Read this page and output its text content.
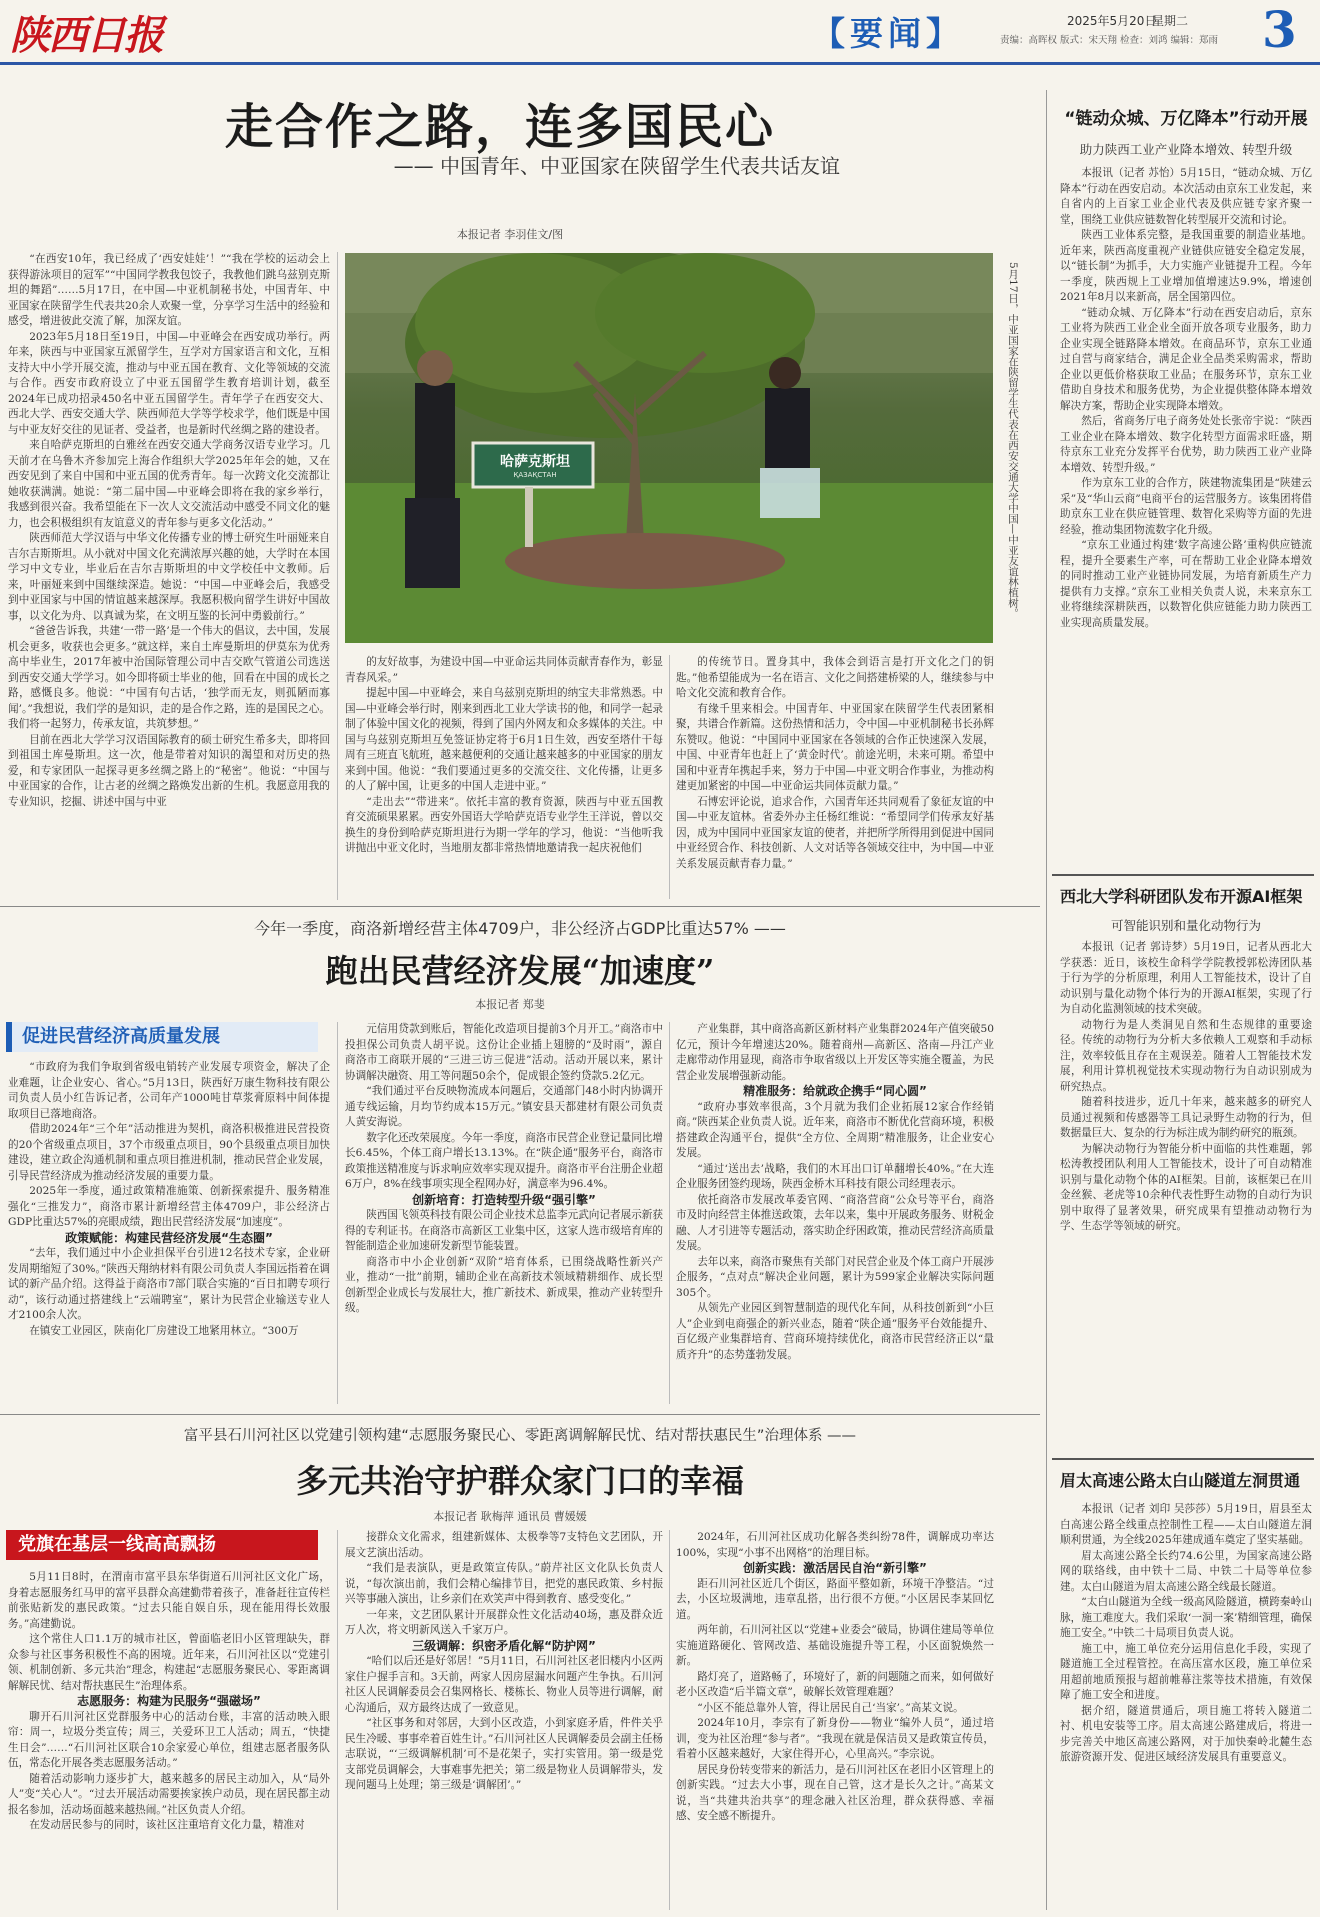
陕西日报	【要闻】	2025年5月20日
星期二
责编：高晖权 版式：宋天翔 检查：刘鸿 编辑：郑雨 3
走合作之路，连多国民心
—— 中国青年、中亚国家在陕留学生代表共话友谊
本报记者 李羽佳文/图

“在西安10年，我已经成了‘西安娃娃’！”“我在学校的运动会上获得游泳项目的冠军”“中国同学教我包饺子，我教他们跳乌兹别克斯坦的舞蹈”……5月17日，在中国—中亚机制秘书处，中国青年、中亚国家在陕留学生代表共20余人欢聚一堂，分享学习生活中的经验和感受，增进彼此交流了解，加深友谊。

2023年5月18日至19日，中国—中亚峰会在西安成功举行。两年来，陕西与中亚国家互派留学生，互学对方国家语言和文化，互相支持大中小学开展交流，推动与中亚五国在教育、文化等领域的交流与合作。西安市政府设立了中亚五国留学生教育培训计划，截至2024年已成功招录450名中亚五国留学生。青年学子在西安交大、西北大学、西安交通大学、陕西师范大学等学校求学，他们既是中国与中亚友好交往的见证者、受益者，也是新时代丝绸之路的建设者。

来自哈萨克斯坦的白雅丝在西安交通大学商务汉语专业学习。几天前才在乌鲁木齐参加完上海合作组织大学2025年年会的她，又在西安见到了来自中国和中亚五国的优秀青年。每一次跨文化交流都让她收获满满。她说：“第二届中国—中亚峰会即将在我的家乡举行，我感到很兴奋。我希望能在下一次人文交流活动中感受不同文化的魅力，也会积极组织有友谊意义的青年参与更多文化活动。”

陕西师范大学汉语与中华文化传播专业的博士研究生叶丽娅来自吉尔吉斯斯坦。从小就对中国文化充满浓厚兴趣的她，大学时在本国学习中文专业，毕业后在吉尔吉斯斯坦的中文学校任中文教师。后来，叶丽娅来到中国继续深造。她说：“中国—中亚峰会后，我感受到中亚国家与中国的情谊越来越深厚。我愿积极向留学生讲好中国故事，以文化为舟、以真诚为桨，在文明互鉴的长河中勇毅前行。”

“爸爸告诉我，共建‘一带一路’是一个伟大的倡议，去中国，发展机会更多，收获也会更多。”就这样，来自土库曼斯坦的伊莫东为优秀高中毕业生，2017年被中治国际管理公司中吉交欧气管道公司选送到西安交通大学学习。如今即将硕士毕业的他，回看在中国的成长之路，感慨良多。他说：“中国有句古话，‘独学而无友，则孤陋而寡闻’。”我想说，我们学的是知识，走的是合作之路，连的是国民之心。我们将一起努力，传承友谊，共筑梦想。”

目前在西北大学学习汉语国际教育的硕士研究生希多夫，即将回到祖国土库曼斯坦。这一次，他是带着对知识的渴望和对历史的热爱，和专家团队一起探寻更多丝绸之路上的“秘密”。他说：“中国与中亚国家的合作，让古老的丝绸之路焕发出新的生机。我愿意用我的专业知识，挖掘、讲述中国与中亚

哈萨克斯坦
ҚАЗАҚСТАН	5月17日，中亚国家在陕留学生代表在西安交通大学中国—中亚友谊林植树。

的友好故事，为建设中国—中亚命运共同体贡献青春作为，彰显青春风采。”

提起中国—中亚峰会，来自乌兹别克斯坦的纳宝夫非常熟悉。中国—中亚峰会举行时，刚来到西北工业大学读书的他，和同学一起录制了体验中国文化的视频，得到了国内外网友和众多媒体的关注。中国与乌兹别克斯坦互免签证协定将于6月1日生效，西安至塔什干每周有三班直飞航班，越来越便利的交通让越来越多的中亚国家的朋友来到中国。他说：“我们要通过更多的交流交往、文化传播，让更多的人了解中国，让更多的中国人走进中亚。”

“走出去”“带进来”。依托丰富的教育资源，陕西与中亚五国教育交流硕果累累。西安外国语大学哈萨克语专业学生王洋说，曾以交换生的身份到哈萨克斯坦进行为期一学年的学习，他说：“当他听我讲抛出中亚文化时，当地朋友都非常热情地邀请我一起庆祝他们

的传统节日。置身其中，我体会到语言是打开文化之门的钥匙。”他希望能成为一名在语言、文化之间搭建桥梁的人，继续参与中哈文化交流和教育合作。

有缘千里来相会。中国青年、中亚国家在陕留学生代表团紧相聚，共谱合作新篇。这份热情和活力，令中国—中亚机制秘书长孙辉东赞叹。他说：“中国同中亚国家在各领域的合作正快速深入发展，中国、中亚青年也赶上了‘黄金时代’。前途光明，未来可期。希望中国和中亚青年携起手来，努力于中国—中亚文明合作事业，为推动构建更加紧密的中国—中亚命运共同体贡献力量。”

石博宏评论说，追求合作，六国青年还共同观看了象征友谊的中国—中亚友谊林。省委外办主任杨红维说：“希望同学们传承友好基因，成为中国同中亚国家友谊的使者，并把所学所得用到促进中国同中亚经贸合作、科技创新、人文对话等各领域交往中，为中国—中亚关系发展贡献青春力量。”

今年一季度，商洛新增经营主体4709户，非公经济占GDP比重达57% ——
跑出民营经济发展“加速度”
本报记者 郑斐
促进民营经济高质量发展

“市政府为我们争取到省级电销转产业发展专项资金，解决了企业难题，让企业安心、省心。”5月13日，陕西好万康生物科技有限公司负责人员小红告诉记者，公司年产1000吨甘草浆膏原料中间体提取项目已落地商洛。

借助2024年“三个年”活动推进为契机，商洛积极推进民营投资的20个省级重点项目，37个市级重点项目，90个县级重点项目加快建设，建立政企沟通机制和重点项目推进机制，推动民营企业发展，引导民营经济成为推动经济发展的重要力量。

2025年一季度，通过政策精准施策、创新探索提升、服务精准强化“三推发力”，商洛市累计新增经营主体4709户，非公经济占GDP比重达57%的亮眼成绩，跑出民营经济发展“加速度”。

政策赋能：构建民营经济发展“生态圈”

“去年，我们通过中小企业担保平台引进12名技术专家，企业研发周期缩短了30%。”陕西天翔纳材料有限公司负责人李国远指着在调试的新产品介绍。这得益于商洛市7部门联合实施的“百日扣聘专项行动”，该行动通过搭建线上“云端聘室”，累计为民营企业输送专业人才2100余人次。

在镇安工业园区，陕南化厂房建设工地紧用林立。“300万

元信用贷款到账后，智能化改造项目提前3个月开工。”商洛市中投担保公司负责人胡平说。这份让企业插上翅膀的“及时雨”，源自商洛市工商联开展的“三进三访三促进”活动。活动开展以来，累计协调解决融资、用工等问题50余个，促成银企签约贷款5.2亿元。

“我们通过平台反映物流成本问题后，交通部门48小时内协调开通专线运输，月均节约成本15万元。”镇安县天都建材有限公司负责人黄安海说。

数字化还改荣展度。今年一季度，商洛市民营企业登记量同比增长6.45%，个体工商户增长13.13%。在“陕企通”服务平台，商洛市政策推送精准度与诉求响应效率实现双提升。商洛市平台注册企业超6万户，8%在线事项实现全程网办好，满意率为96.4%。

创新培育：打造转型升级“强引擎”

陕西国飞领英科技有限公司企业技术总监李元武向记者展示新获得的专利证书。在商洛市高新区工业集中区，这家人选市级培育库的智能制造企业加速研发新型节能装置。

商洛市中小企业创新“双阶”培育体系，已围绕战略性新兴产业，推动“一批”前期，辅助企业在高新技术领域精耕细作、成长型创新型企业成长与发展壮大，推广新技术、新成果，推动产业转型升级。

产业集群，其中商洛高新区新材料产业集群2024年产值突破50亿元，预计今年增速达20%。随着商州—高新区、洛南—丹江产业走廊带动作用显现，商洛市争取省级以上开发区等实施全覆盖，为民营企业发展增强新动能。

精准服务：给就政企携手“同心圆”

“政府办事效率很高，3个月就为我们企业拓展12家合作经销商。”陕西某企业负责人说。近年来，商洛市不断优化营商环境，积极搭建政企沟通平台，提供“全方位、全周期”精准服务，让企业安心发展。

“通过‘送出去’战略，我们的木耳出口订单翻增长40%。”在大连企业服务团签约现场，陕西金桥木耳科技有限公司经理表示。

依托商洛市发展改革委官网、“商洛营商”公众号等平台，商洛市及时向经营主体推送政策，去年以来，集中开展政务服务、财税金融、人才引进等专题活动，落实助企纾困政策，推动民营经济高质量发展。

去年以来，商洛市聚焦有关部门对民营企业及个体工商户开展涉企服务，“点对点”解决企业问题，累计为599家企业解决实际问题305个。

从领先产业园区到智慧制造的现代化车间，从科技创新到“小巨人”企业到电商强企的新兴业态，随着“陕企通”服务平台效能提升、百亿级产业集群培育、营商环境持续优化，商洛市民营经济正以“量质齐升”的态势蓬勃发展。

富平县石川河社区以党建引领构建“志愿服务聚民心、零距离调解解民忧、结对帮扶惠民生”治理体系 ——
多元共治守护群众家门口的幸福
本报记者 耿梅萍 通讯员 曹媛媛
党旗在基层一线高高飘扬

5月11日8时，在渭南市富平县东华街道石川河社区文化广场，身着志愿服务红马甲的富平县群众高建勤带着孩子，准备赶往宣传栏前张贴新发的惠民政策。“过去只能自娱自乐，现在能用得长效服务。”高建勤说。

这个常住人口1.1万的城市社区，曾面临老旧小区管理缺失，群众参与社区事务积极性不高的困境。近年来，石川河社区以“党建引领、机制创新、多元共治”理念，构建起“志愿服务聚民心、零距离调解解民忧、结对帮扶惠民生”治理体系。

志愿服务：构建为民服务“强磁场”

聊开石川河社区党群服务中心的活动台账，丰富的活动映入眼帘：周一，垃圾分类宣传；周三，关爱环卫工人活动；周五，“快捷生日会”……“石川河社区联合10余家爱心单位，组建志愿者服务队伍，常态化开展各类志愿服务活动。”

随着活动影响力逐步扩大，越来越多的居民主动加入，从“局外人”变“关心人”。“过去开展活动需要挨家挨户动员，现在居民都主动报名参加，活动场面越来越热闹。”社区负责人介绍。

在发动居民参与的同时，该社区注重培育文化力量，精准对

接群众文化需求，组建新媒体、太极拳等7支特色文艺团队，开展文艺演出活动。

“我们是表演队，更是政策宣传队。”蔚芹社区文化队长负责人说，“每次演出前，我们会精心编排节目，把党的惠民政策、乡村振兴等事融入演出，让乡亲们在欢笑声中得到教育、感受变化。”

一年来，文艺团队累计开展群众性文化活动40场，惠及群众近万人次，将文明新风送入千家万户。

三级调解：织密矛盾化解“防护网”

“哈们以后还是好邻居！”5月11日，石川河社区老旧楼内小区两家住户握手言和。3天前，两家人因房屋漏水问题产生争执。石川河社区人民调解委员会召集网格长、楼栋长、物业人员等进行调解，耐心沟通后，双方最终达成了一致意见。

“社区事务和对邻居，大到小区改造，小到家庭矛盾，件件关乎民生冷暖、事事牵着百姓生计。”石川河社区人民调解委员会副主任杨志联说，“‘三级调解机制’可不是花架子，实打实管用。第一级是党支部党员调解会，大事难事先把关；第二级是物业人员调解带头，发现问题马上处理；第三级是‘调解团’。”

2024年，石川河社区成功化解各类纠纷78件，调解成功率达100%，实现“小事不出网格”的治理目标。

创新实践：激活居民自治“新引擎”

距石川河社区近几个街区，路面平整如新，环境干净整洁。“过去，小区垃圾满地，违章乱搭，出行很不方便。”小区居民李某回忆道。

两年前，石川河社区以“党建+业委会”破局，协调住建局等单位实施道路硬化、管网改造、基础设施提升等工程，小区面貌焕然一新。

路灯亮了，道路畅了，环境好了，新的问题随之而来，如何做好老小区改造“后半篇文章”，破解长效管理难题？

“小区不能总靠外人管，得让居民自己‘当家’。”高某文说。

2024年10月，李宗有了新身份——物业“编外人员”，通过培训，变为社区治理“参与者”。“我现在就是保洁员又是政策宣传员，看着小区越来越好，大家住得开心，心里高兴。”李宗说。

居民身份转变带来的新活力，是石川河社区在老旧小区管理上的创新实践。“过去大小事，现在自己管，这才是长久之计。”高某文说，当“共建共治共享”的理念融入社区治理，群众获得感、幸福感、安全感不断提升。

“链动众城、万亿降本”行动开展
助力陕西工业产业降本增效、转型升级

本报讯（记者 苏怡）5月15日，“链动众城、万亿降本”行动在西安启动。本次活动由京东工业发起，来自省内的上百家工业企业代表及供应链专家齐聚一堂，围绕工业供应链数智化转型展开交流和讨论。

陕西工业体系完整，是我国重要的制造业基地。近年来，陕西高度重视产业链供应链安全稳定发展，以“链长制”为抓手，大力实施产业链提升工程。今年一季度，陕西规上工业增加值增速达9.9%，增速创2021年8月以来新高，居全国第四位。

“链动众城、万亿降本”行动在西安启动后，京东工业将为陕西工业企业全面开放各项专业服务，助力企业实现全链路降本增效。在商品环节，京东工业通过自营与商家结合，满足企业全品类采购需求，帮助企业以更低价格获取工业品；在服务环节，京东工业借助自身技术和服务优势，为企业提供整体降本增效解决方案，帮助企业实现降本增效。

然后，省商务厅电子商务处处长张帝宇说：“陕西工业企业在降本增效、数字化转型方面需求旺盛，期待京东工业充分发挥平台优势，助力陕西工业产业降本增效、转型升级。”

作为京东工业的合作方，陕建物流集团是“陕建云采”及“华山云商”电商平台的运营服务方。该集团将借助京东工业在供应链管理、数智化采购等方面的先进经验，推动集团物流数字化升级。

“京东工业通过构建‘数字高速公路’重构供应链流程，提升全要素生产率，可在帮助工业企业降本增效的同时推动工业产业链协同发展，为培育新质生产力提供有力支撑。”京东工业相关负责人说，未来京东工业将继续深耕陕西，以数智化供应链能力助力陕西工业实现高质量发展。

西北大学科研团队发布开源AI框架
可智能识别和量化动物行为

本报讯（记者 郭诗梦）5月19日，记者从西北大学获悉：近日，该校生命科学学院教授郭松涛团队基于行为学的分析原理，利用人工智能技术，设计了自动识别与量化动物个体行为的开源AI框架，实现了行为自动化监测领域的技术突破。

动物行为是人类洞见自然和生态规律的重要途径。传统的动物行为分析大多依赖人工观察和手动标注，效率较低且存在主观误差。随着人工智能技术发展，利用计算机视觉技术实现动物行为自动识别成为研究热点。

随着科技进步，近几十年来，越来越多的研究人员通过视频和传感器等工具记录野生动物的行为，但数据量巨大、复杂的行为标注成为制约研究的瓶颈。

为解决动物行为智能分析中面临的共性难题，郭松涛教授团队利用人工智能技术，设计了可自动精准识别与量化动物个体的AI框架。目前，该框架已在川金丝猴、老虎等10余种代表性野生动物的自动行为识别中取得了显著效果，研究成果有望推动动物行为学、生态学等领域的研究。

眉太高速公路太白山隧道左洞贯通

本报讯（记者 刘印 吴莎莎）5月19日，眉县至太白高速公路全线重点控制性工程——太白山隧道左洞顺利贯通，为全线2025年建成通车奠定了坚实基础。

眉太高速公路全长约74.6公里，为国家高速公路网的联络线，由中铁十二局、中铁二十局等单位参建。太白山隧道为眉太高速公路全线最长隧道。

“太白山隧道为全线一级高风险隧道，横跨秦岭山脉，施工难度大。我们采取‘一洞一案’精细管理，确保施工安全。”中铁二十局项目负责人说。

施工中，施工单位充分运用信息化手段，实现了隧道施工全过程管控。在高压富水区段，施工单位采用超前地质预报与超前帷幕注浆等技术措施，有效保障了施工安全和进度。

据介绍，隧道贯通后，项目施工将转入隧道二衬、机电安装等工序。眉太高速公路建成后，将进一步完善关中地区高速公路网，对于加快秦岭北麓生态旅游资源开发、促进区域经济发展具有重要意义。
